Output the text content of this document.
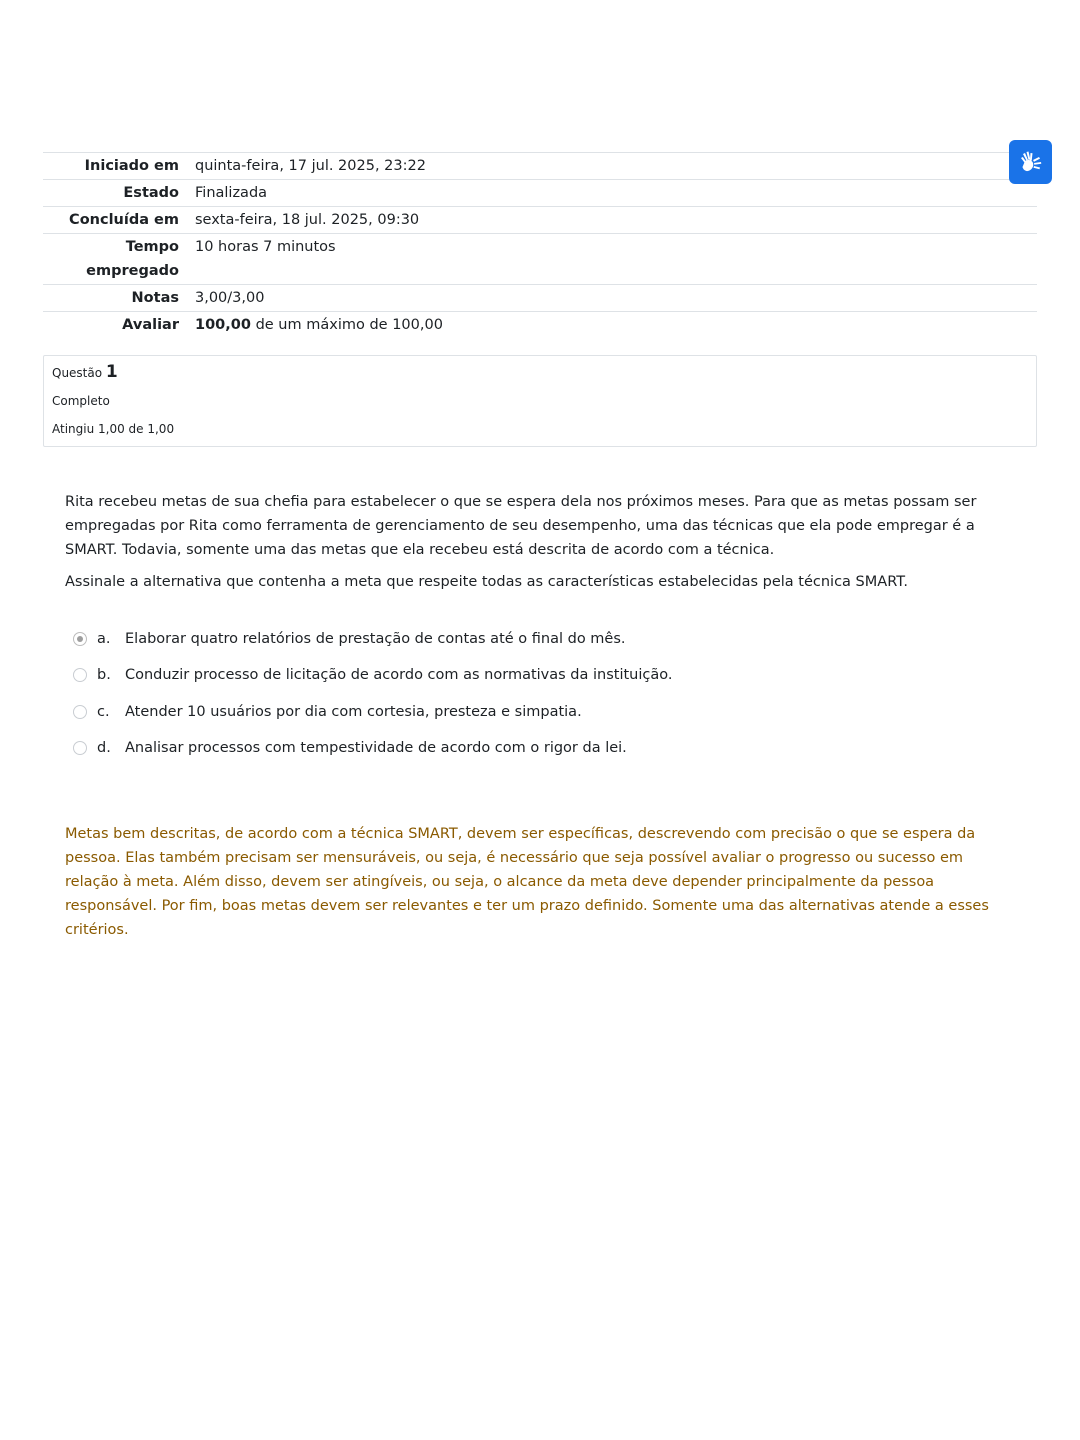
Iniciado em	quinta-feira, 17 jul. 2025, 23:22
Estado	Finalizada
Concluída em	sexta-feira, 18 jul. 2025, 09:30
Tempo empregado	10 horas 7 minutos
Notas	3,00/3,00
Avaliar	100,00 de um máximo de 100,00
Questão 1
Completo
Atingiu 1,00 de 1,00

Rita recebeu metas de sua chefia para estabelecer o que se espera dela nos próximos meses. Para que as metas possam ser empregadas por Rita como ferramenta de gerenciamento de seu desempenho, uma das técnicas que ela pode empregar é a SMART. Todavia, somente uma das metas que ela recebeu está descrita de acordo com a técnica.

Assinale a alternativa que contenha a meta que respeite todas as características estabelecidas pela técnica SMART.

a.	Elaborar quatro relatórios de prestação de contas até o final do mês.
b. Conduzir processo de licitação de acordo com as normativas da instituição.
c.	Atender 10 usuários por dia com cortesia, presteza e simpatia.
d. Analisar processos com tempestividade de acordo com o rigor da lei.
Metas bem descritas, de acordo com a técnica SMART, devem ser específicas, descrevendo com precisão o que se espera da pessoa. Elas também precisam ser mensuráveis, ou seja, é necessário que seja possível avaliar o progresso ou sucesso em relação à meta. Além disso, devem ser atingíveis, ou seja, o alcance da meta deve depender principalmente da pessoa responsável. Por fim, boas metas devem ser relevantes e ter um prazo definido. Somente uma das alternativas atende a esses critérios.
